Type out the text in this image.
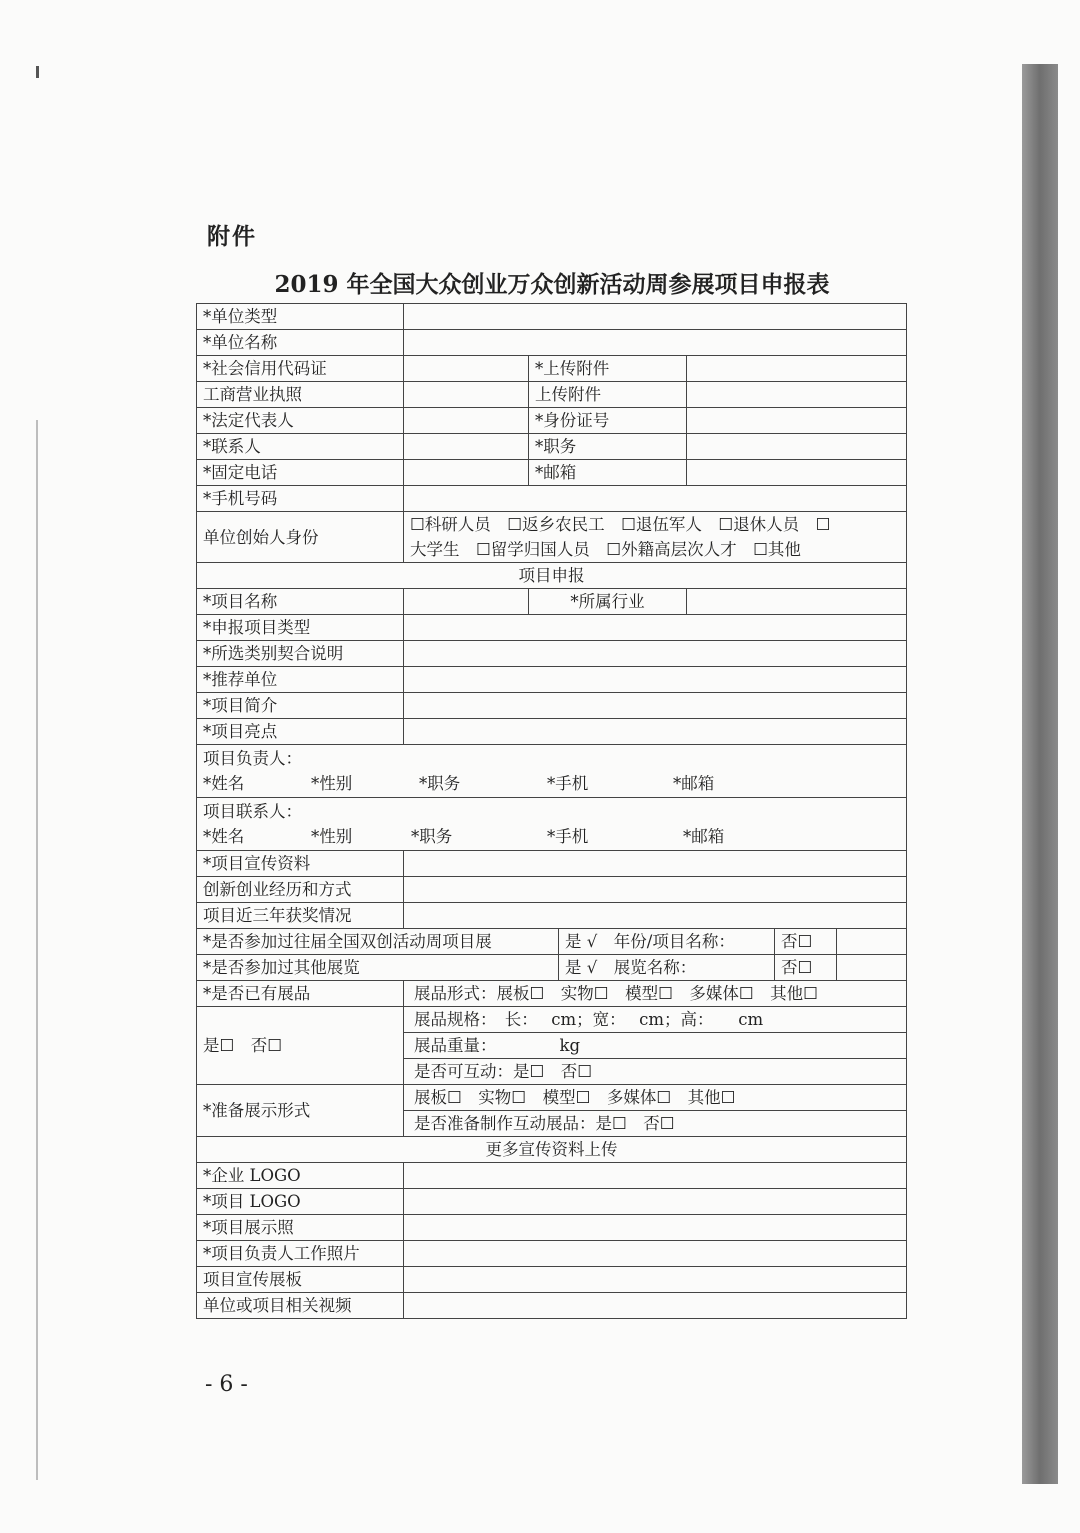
附件
2019 年全国大众创业万众创新活动周参展项目申报表
*单位类型						
*单位名称						
*社会信用代码证		*上传附件				
工商营业执照		上传附件				
*法定代表人		*身份证号				
*联系人		*职务				
*固定电话		*邮箱				
*手机号码						
单位创始人身份	☐科研人员　☐返乡农民工　☐退伍军人　☐退休人员　☐
大学生　☐留学归国人员　☐外籍高层次人才　☐其他					

项目申报						
*项目名称		*所属行业				
*申报项目类型						
*所选类别契合说明						
*推荐单位						
*项目简介						
*项目亮点						

项目负责人：
*姓名 *性别 *职务 *手机 *邮箱						

项目联系人：
*姓名 *性别 *职务 *手机 *邮箱						

*项目宣传资料						
创新创业经历和方式						
项目近三年获奖情况						
*是否参加过往届全国双创活动周项目展			是 √　年份/项目名称：		否☐	
*是否参加过其他展览			是 √　展览名称：		否☐	
*是否已有展品	展品形式：展板☐　实物☐　模型☐　多媒体☐　其他☐					
是☐　否☐	展品规格：　长：　 cm；宽：　 cm；高：　　cm					
	展品重量：　　　　 kg					
	是否可互动：是☐　否☐					
*准备展示形式	展板☐　实物☐　模型☐　多媒体☐　其他☐					
	是否准备制作互动展品：是☐　否☐					
更多宣传资料上传						
*企业 LOGO						
*项目 LOGO						
*项目展示照						
*项目负责人工作照片						
项目宣传展板						
单位或项目相关视频						
- 6 -
